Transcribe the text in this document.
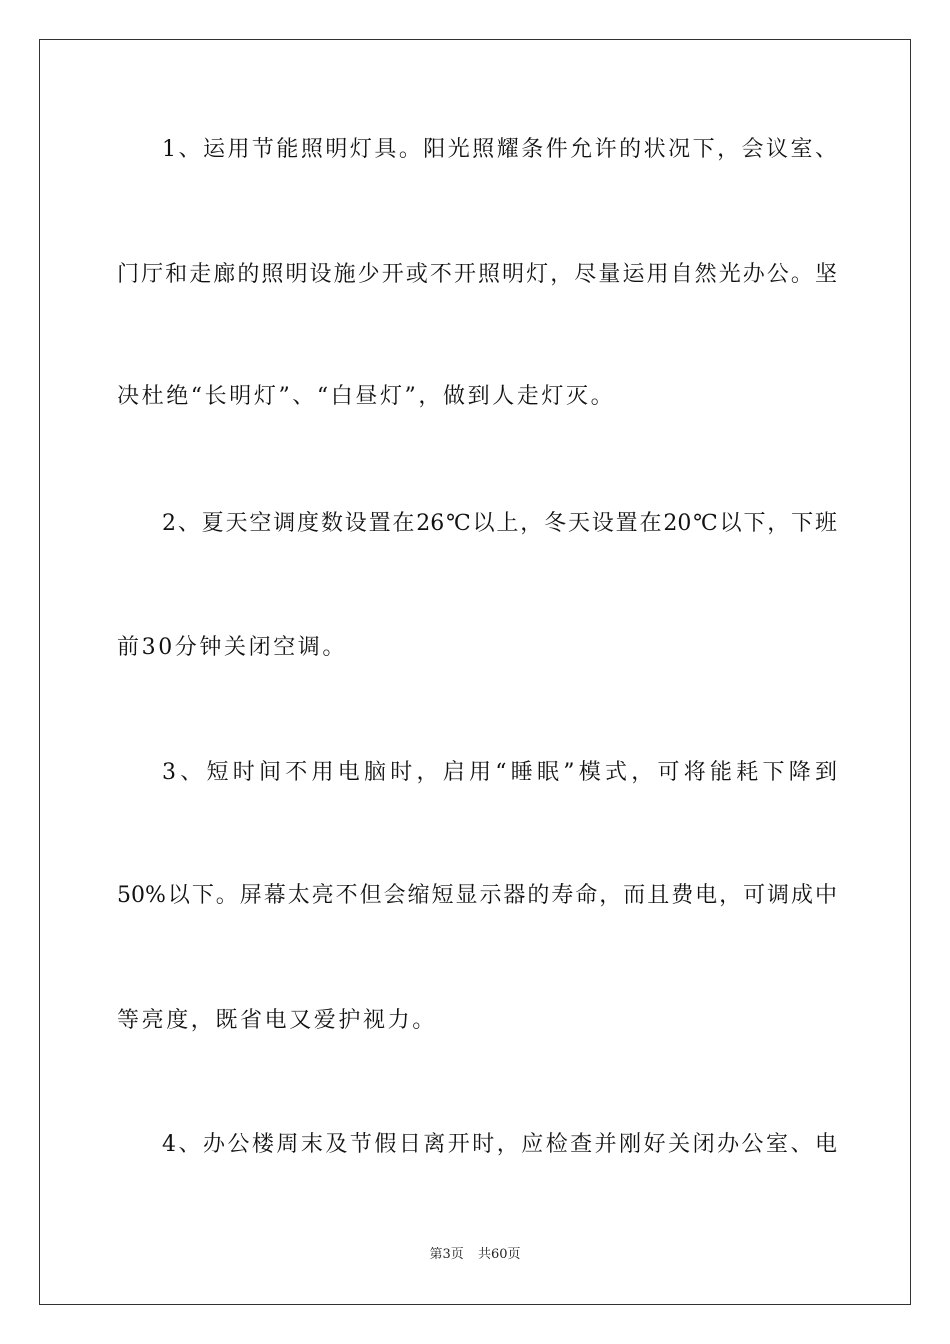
1、运用节能照明灯具。阳光照耀条件允许的状况下，会议室、
门厅和走廊的照明设施少开或不开照明灯，尽量运用自然光办公。坚
决杜绝“长明灯”、“白昼灯”，做到人走灯灭。
2、夏天空调度数设置在26℃以上，冬天设置在20℃以下，下班
前30分钟关闭空调。
3、短时间不用电脑时，启用“睡眠”模式，可将能耗下降到
50%以下。屏幕太亮不但会缩短显示器的寿命，而且费电，可调成中
等亮度，既省电又爱护视力。
4、办公楼周末及节假日离开时，应检查并刚好关闭办公室、电
第3页 共60页
